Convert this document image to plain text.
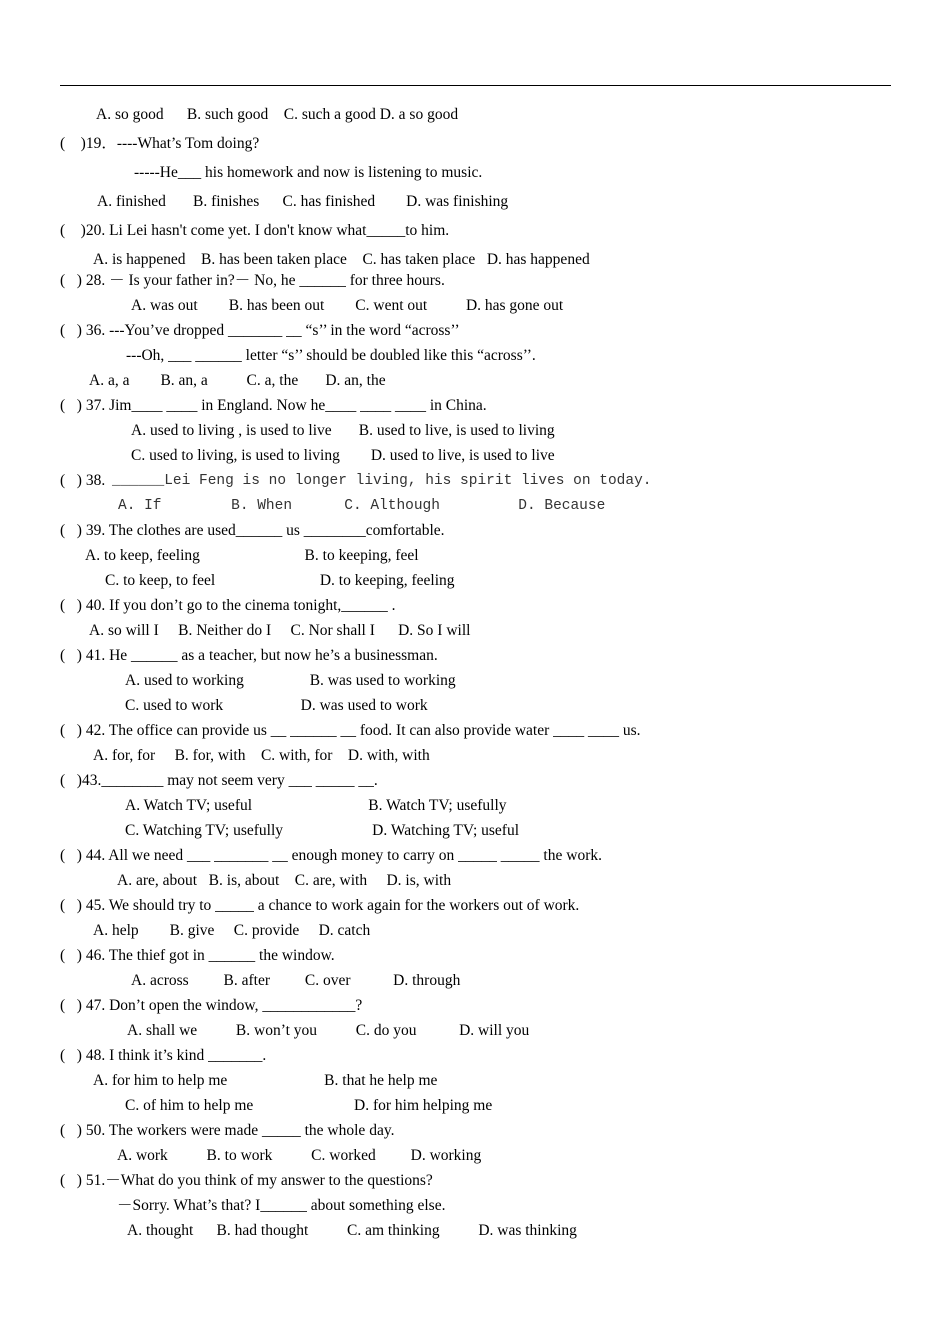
A. so good      B. such good    C. such a good D. a so good
(    )19．----What’s Tom doing?
-----He___ his homework and now is listening to music.
A. finished       B. finishes      C. has finished        D. was finishing
(    )20. Li Lei hasn't come yet. I don't know what_____to him.
A. is happened    B. has been taken place    C. has taken place   D. has happened
(   ) 28. － Is your father in?－ No, he ______ for three hours.
A. was out        B. has been out        C. went out          D. has gone out
(   ) 36. ---You’ve dropped _______ __ “s’’ in the word “across’’
---Oh, ___ ______ letter “s’’ should be doubled like this “across’’.
A. a, a        B. an, a          C. a, the       D. an, the
(   ) 37. Jim____ ____ in England. Now he____ ____ ____ in China.
A. used to living , is used to live       B. used to live, is used to living
C. used to living, is used to living        D. used to live, is used to live
(   ) 38. ______Lei Feng is no longer living, his spirit lives on today.
A. If        B. When      C. Although         D. Because
(   ) 39. The clothes are used______ us ________comfortable.
A. to keep, feeling                           B. to keeping, feel
C. to keep, to feel                           D. to keeping, feeling
(   ) 40. If you don’t go to the cinema tonight,______ .
A. so will I     B. Neither do I     C. Nor shall I      D. So I will
(   ) 41. He ______ as a teacher, but now he’s a businessman.
A. used to working                 B. was used to working
C. used to work                    D. was used to work
(   ) 42. The office can provide us __ ______ __ food. It can also provide water ____ ____ us.
A. for, for     B. for, with    C. with, for    D. with, with
(   )43.________ may not seem very ___ _____ __.
A. Watch TV; useful                              B. Watch TV; usefully
C. Watching TV; usefully                       D. Watching TV; useful
(   ) 44. All we need ___ _______ __ enough money to carry on _____ _____ the work.
A. are, about   B. is, about    C. are, with     D. is, with
(   ) 45. We should try to _____ a chance to work again for the workers out of work.
A. help        B. give     C. provide     D. catch
(   ) 46. The thief got in ______ the window.
A. across         B. after         C. over           D. through
(   ) 47. Don’t open the window, ____________?
A. shall we          B. won’t you          C. do you           D. will you
(   ) 48. I think it’s kind _______.
A. for him to help me                         B. that he help me
C. of him to help me                          D. for him helping me
(   ) 50. The workers were made _____ the whole day.
A. work          B. to work          C. worked         D. working
(   ) 51.－What do you think of my answer to the questions?
－Sorry. What’s that? I______ about something else.
A. thought      B. had thought          C. am thinking          D. was thinking
